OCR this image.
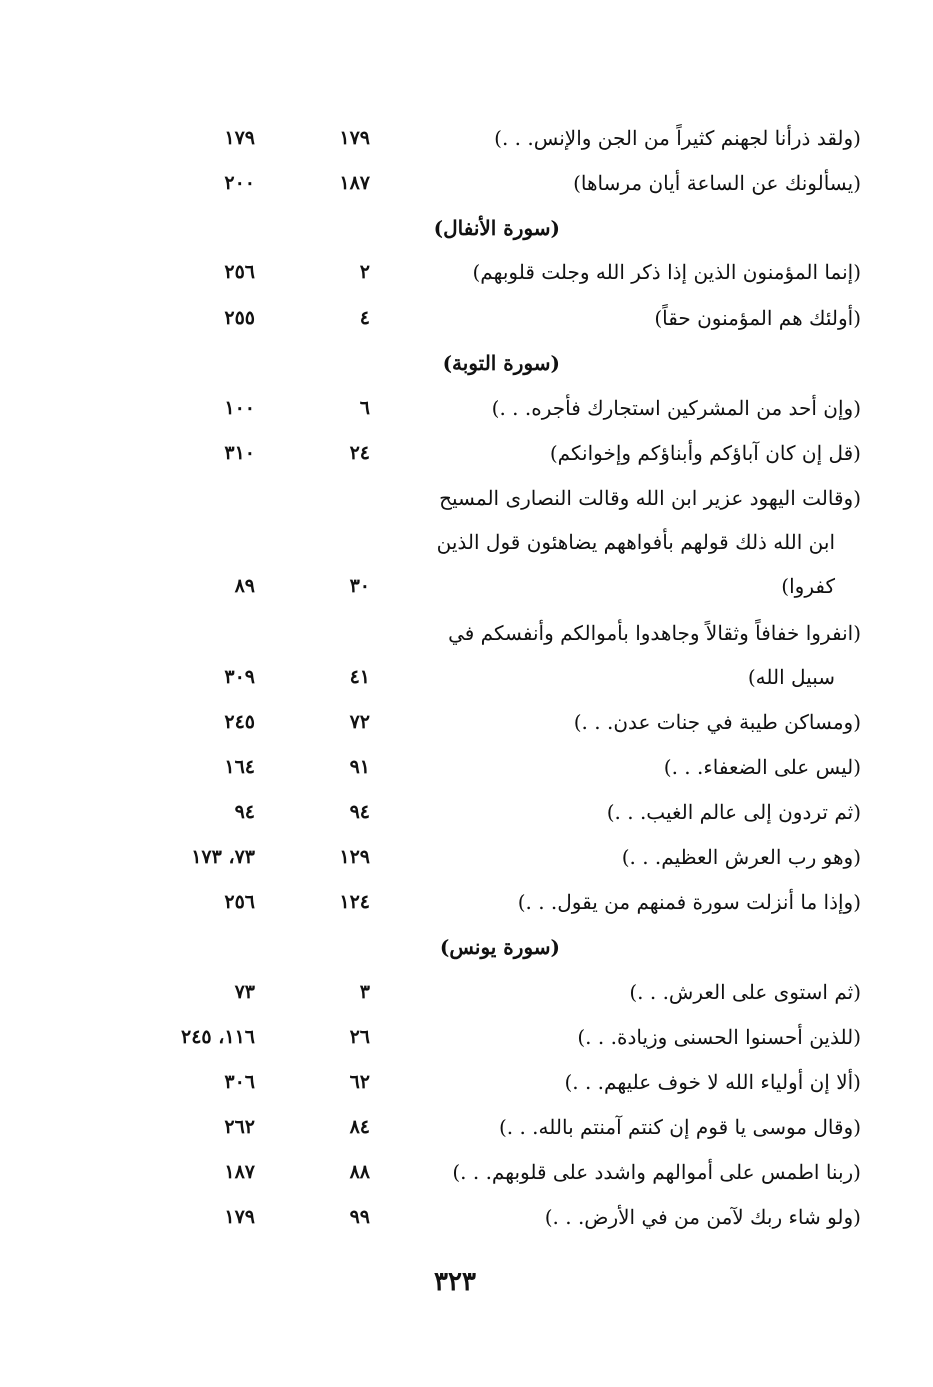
(ولقد ذرأنا لجهنم كثيراً من الجن والإنس. . .)
١٧٩
١٧٩
(يسألونك عن الساعة أيان مرساها)
١٨٧
٢٠٠
(سورة الأنفال)
(إنما المؤمنون الذين إذا ذكر الله وجلت قلوبهم)
٢
٢٥٦
(أولئك هم المؤمنون حقاً)
٤
٢٥٥
(سورة التوبة)
(وإن أحد من المشركين استجارك فأجره. . .)
٦
١٠٠
(قل إن كان آباؤكم وأبناؤكم وإخوانكم)
٢٤
٣١٠
(وقالت اليهود عزير ابن الله وقالت النصارى المسيح
ابن الله ذلك قولهم بأفواههم يضاهئون قول الذين
كفروا)
٣٠
٨٩
(انفروا خفافاً وثقالاً وجاهدوا بأموالكم وأنفسكم في
سبيل الله)
٤١
٣٠٩
(ومساكن طيبة في جنات عدن. . .)
٧٢
٢٤٥
(ليس على الضعفاء. . .)
٩١
١٦٤
(ثم تردون إلى عالم الغيب. . .)
٩٤
٩٤
(وهو رب العرش العظيم. . .)
١٢٩
٧٣، ١٧٣
(وإذا ما أنزلت سورة فمنهم من يقول. . .)
١٢٤
٢٥٦
(سورة يونس)
(ثم استوى على العرش. . .)
٣
٧٣
(للذين أحسنوا الحسنى وزيادة. . .)
٢٦
١١٦، ٢٤٥
(ألا إن أولياء الله لا خوف عليهم. . .)
٦٢
٣٠٦
(وقال موسى يا قوم إن كنتم آمنتم بالله. . .)
٨٤
٢٦٢
(ربنا اطمس على أموالهم واشدد على قلوبهم. . .)
٨٨
١٨٧
(ولو شاء ربك لآمن من في الأرض. . .)
٩٩
١٧٩
٣٢٣
